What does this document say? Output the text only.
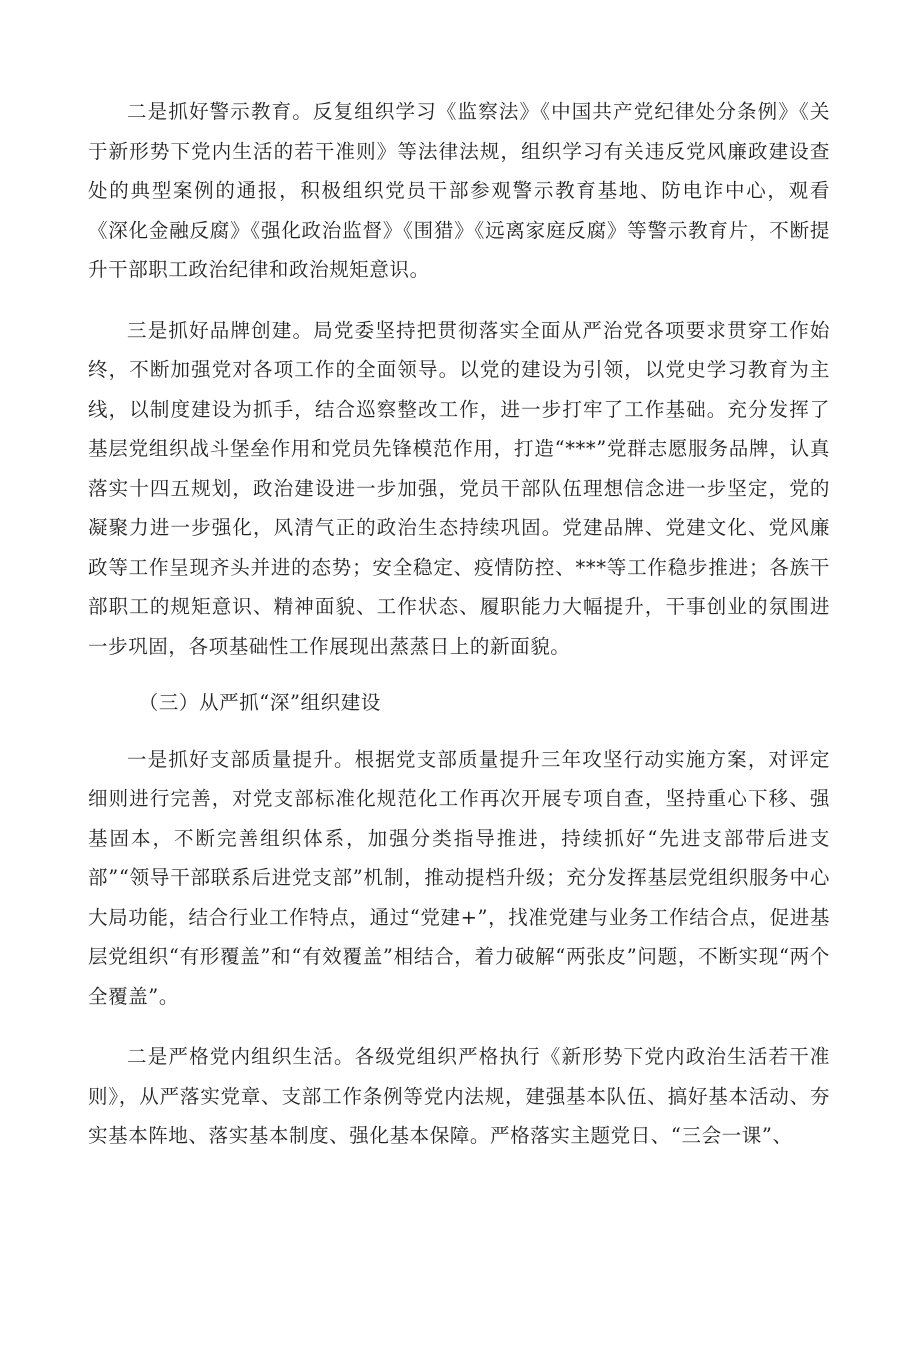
二是抓好警示教育。反复组织学习《监察法》《中国共产党纪律处分条例》《关于新形势下党内生活的若干准则》等法律法规，组织学习有关违反党风廉政建设查处的典型案例的通报，积极组织党员干部参观警示教育基地、防电诈中心，观看《深化金融反腐》《强化政治监督》《围猎》《远离家庭反腐》等警示教育片，不断提升干部职工政治纪律和政治规矩意识。

三是抓好品牌创建。局党委坚持把贯彻落实全面从严治党各项要求贯穿工作始终，不断加强党对各项工作的全面领导。以党的建设为引领，以党史学习教育为主线，以制度建设为抓手，结合巡察整改工作，进一步打牢了工作基础。充分发挥了基层党组织战斗堡垒作用和党员先锋模范作用，打造“***”党群志愿服务品牌，认真落实十四五规划，政治建设进一步加强，党员干部队伍理想信念进一步坚定，党的凝聚力进一步强化，风清气正的政治生态持续巩固。党建品牌、党建文化、党风廉政等工作呈现齐头并进的态势；安全稳定、疫情防控、***等工作稳步推进；各族干部职工的规矩意识、精神面貌、工作状态、履职能力大幅提升，干事创业的氛围进一步巩固，各项基础性工作展现出蒸蒸日上的新面貌。

（三）从严抓“深”组织建设

一是抓好支部质量提升。根据党支部质量提升三年攻坚行动实施方案，对评定细则进行完善，对党支部标准化规范化工作再次开展专项自查，坚持重心下移、强基固本，不断完善组织体系，加强分类指导推进，持续抓好“先进支部带后进支部”“领导干部联系后进党支部”机制，推动提档升级；充分发挥基层党组织服务中心大局功能，结合行业工作特点，通过“党建+”，找准党建与业务工作结合点，促进基层党组织“有形覆盖”和“有效覆盖”相结合，着力破解“两张皮”问题，不断实现“两个全覆盖”。

二是严格党内组织生活。各级党组织严格执行《新形势下党内政治生活若干准则》，从严落实党章、支部工作条例等党内法规，建强基本队伍、搞好基本活动、夯实基本阵地、落实基本制度、强化基本保障。严格落实主题党日、“三会一课”、
